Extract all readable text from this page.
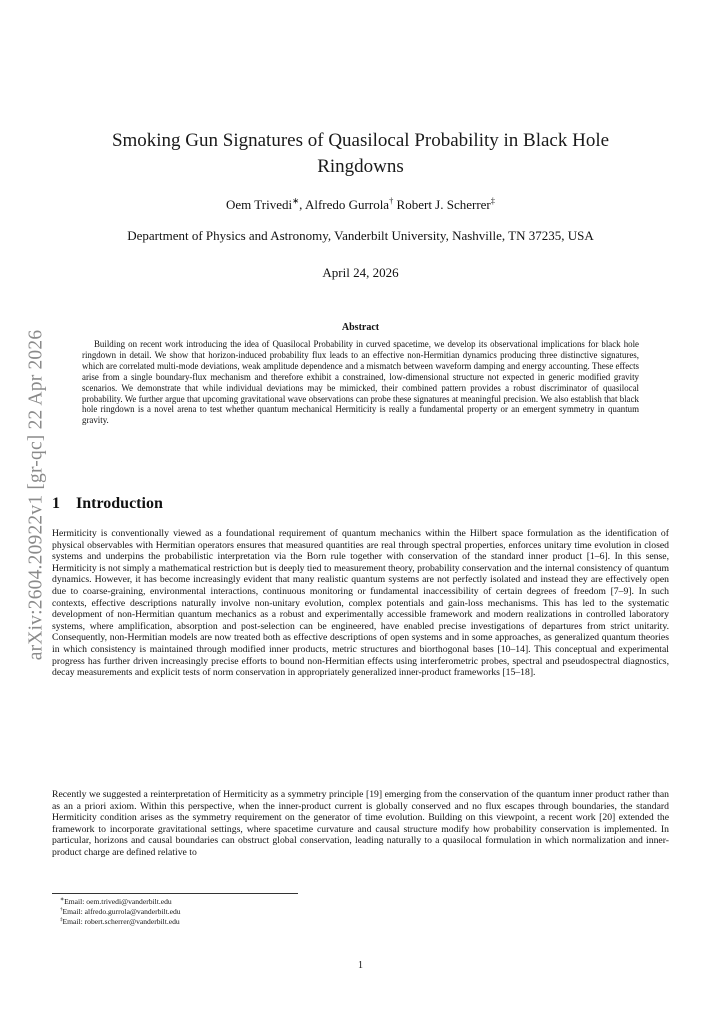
arXiv:2604.20922v1 [gr-qc] 22 Apr 2026
Smoking Gun Signatures of Quasilocal Probability in Black Hole Ringdowns
Oem Trivedi∗, Alfredo Gurrola† Robert J. Scherrer‡
Department of Physics and Astronomy, Vanderbilt University, Nashville, TN 37235, USA
April 24, 2026
Abstract

Building on recent work introducing the idea of Quasilocal Probability in curved spacetime, we develop its observational implications for black hole ringdown in detail. We show that horizon-induced probability flux leads to an effective non-Hermitian dynamics producing three distinctive signatures, which are correlated multi-mode deviations, weak amplitude dependence and a mismatch between waveform damping and energy accounting. These effects arise from a single boundary-flux mechanism and therefore exhibit a constrained, low-dimensional structure not expected in generic modified gravity scenarios. We demonstrate that while individual deviations may be mimicked, their combined pattern provides a robust discriminator of quasilocal probability. We further argue that upcoming gravitational wave observations can probe these signatures at meaningful precision. We also establish that black hole ringdown is a novel arena to test whether quantum mechanical Hermiticity is really a fundamental property or an emergent symmetry in quantum gravity.

1 Introduction

Hermiticity is conventionally viewed as a foundational requirement of quantum mechanics within the Hilbert space formulation as the identification of physical observables with Hermitian operators ensures that measured quantities are real through spectral properties, enforces unitary time evolution in closed systems and underpins the probabilistic interpretation via the Born rule together with conservation of the standard inner product [1–6]. In this sense, Hermiticity is not simply a mathematical restriction but is deeply tied to measurement theory, probability conservation and the internal consistency of quantum dynamics. However, it has become increasingly evident that many realistic quantum systems are not perfectly isolated and instead they are effectively open due to coarse-graining, environmental interactions, continuous monitoring or fundamental inaccessibility of certain degrees of freedom [7–9]. In such contexts, effective descriptions naturally involve non-unitary evolution, complex potentials and gain-loss mechanisms. This has led to the systematic development of non-Hermitian quantum mechanics as a robust and experimentally accessible framework and modern realizations in controlled laboratory systems, where amplification, absorption and post-selection can be engineered, have enabled precise investigations of departures from strict unitarity. Consequently, non-Hermitian models are now treated both as effective descriptions of open systems and in some approaches, as generalized quantum theories in which consistency is maintained through modified inner products, metric structures and biorthogonal bases [10–14]. This conceptual and experimental progress has further driven increasingly precise efforts to bound non-Hermitian effects using interferometric probes, spectral and pseudospectral diagnostics, decay measurements and explicit tests of norm conservation in appropriately generalized inner-product frameworks [15–18].

Recently we suggested a reinterpretation of Hermiticity as a symmetry principle [19] emerging from the conservation of the quantum inner product rather than as an a priori axiom. Within this perspective, when the inner-product current is globally conserved and no flux escapes through boundaries, the standard Hermiticity condition arises as the symmetry requirement on the generator of time evolution. Building on this viewpoint, a recent work [20] extended the framework to incorporate gravitational settings, where spacetime curvature and causal structure modify how probability conservation is implemented. In particular, horizons and causal boundaries can obstruct global conservation, leading naturally to a quasilocal formulation in which normalization and inner-product charge are defined relative to

∗Email: oem.trivedi@vanderbilt.edu
†Email: alfredo.gurrola@vanderbilt.edu
‡Email: robert.scherrer@vanderbilt.edu
1
